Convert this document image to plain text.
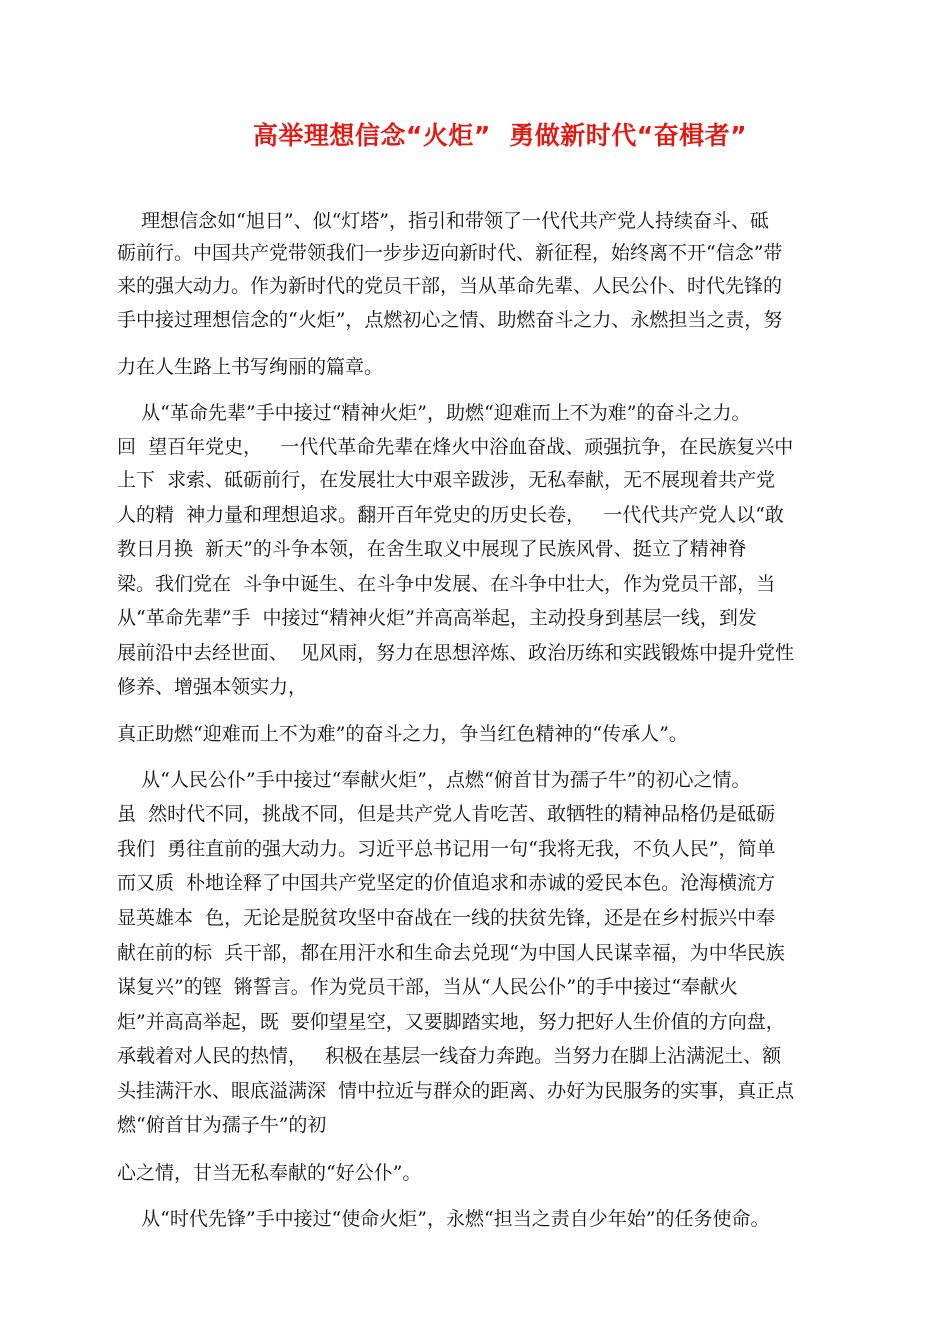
高举理想信念“火炬”  勇做新时代“奋楫者”
理想信念如“旭日”、似“灯塔”，指引和带领了一代代共产党人持续奋斗、砥
砺前行。中国共产党带领我们一步步迈向新时代、新征程，始终离不开“信念”带
来的强大动力。作为新时代的党员干部，当从革命先辈、人民公仆、时代先锋的
手中接过理想信念的“火炬”，点燃初心之情、助燃奋斗之力、永燃担当之责，努
力在人生路上书写绚丽的篇章。
从“革命先辈”手中接过“精神火炬”，助燃“迎难而上不为难”的奋斗之力。
回  望百年党史，   一代代革命先辈在烽火中浴血奋战、顽强抗争，在民族复兴中
上下  求索、砥砺前行，在发展壮大中艰辛跋涉，无私奉献，无不展现着共产党
人的精  神力量和理想追求。翻开百年党史的历史长卷，   一代代共产党人以“敢
教日月换  新天”的斗争本领，在舍生取义中展现了民族风骨、挺立了精神脊
梁。我们党在  斗争中诞生、在斗争中发展、在斗争中壮大，作为党员干部，当
从“革命先辈”手  中接过“精神火炬”并高高举起，主动投身到基层一线，到发
展前沿中去经世面、  见风雨，努力在思想淬炼、政治历练和实践锻炼中提升党性
修养、增强本领实力，
真正助燃“迎难而上不为难”的奋斗之力，争当红色精神的“传承人”。
从“人民公仆”手中接过“奉献火炬”，点燃“俯首甘为孺子牛”的初心之情。
虽  然时代不同，挑战不同，但是共产党人肯吃苦、敢牺牲的精神品格仍是砥砺
我们  勇往直前的强大动力。习近平总书记用一句“我将无我，不负人民”，简单
而又质  朴地诠释了中国共产党坚定的价值追求和赤诚的爱民本色。沧海横流方
显英雄本  色，无论是脱贫攻坚中奋战在一线的扶贫先锋，还是在乡村振兴中奉
献在前的标  兵干部，都在用汗水和生命去兑现“为中国人民谋幸福，为中华民族
谋复兴”的铿  锵誓言。作为党员干部，当从“人民公仆”的手中接过“奉献火
炬”并高高举起，既  要仰望星空，又要脚踏实地，努力把好人生价值的方向盘，
承载着对人民的热情，   积极在基层一线奋力奔跑。当努力在脚上沾满泥土、额
头挂满汗水、眼底溢满深  情中拉近与群众的距离、办好为民服务的实事，真正点
燃“俯首甘为孺子牛”的初
心之情，甘当无私奉献的“好公仆”。
从“时代先锋”手中接过“使命火炬”，永燃“担当之责自少年始”的任务使命。
